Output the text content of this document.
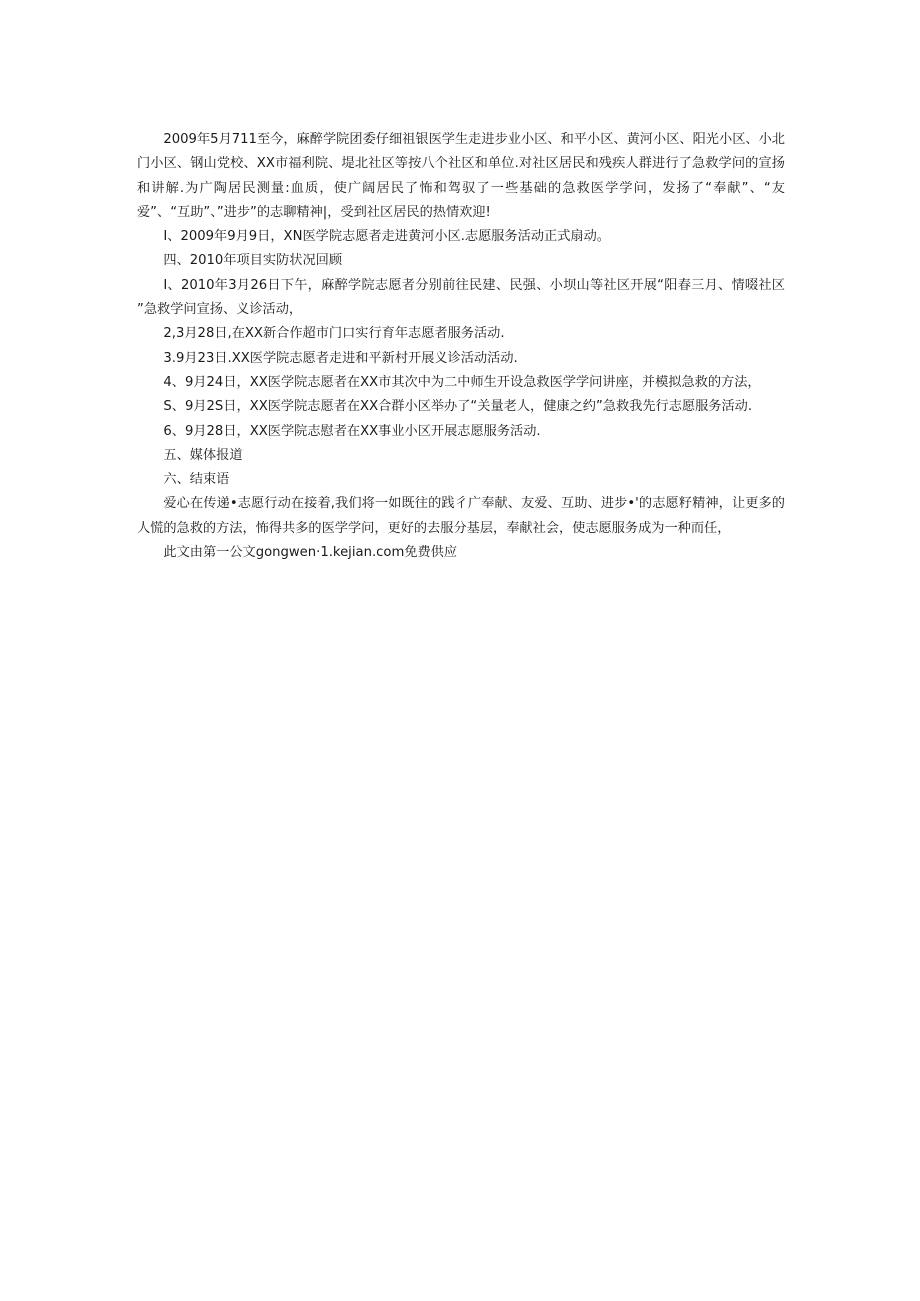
2009年5月711至今，麻醉学院团委仔细祖银医学生走进步业小区、和平小区、黄河小区、阳光小区、小北门小区、钢山党校、XX市福利院、堤北社区等按八个社区和单位.对社区居民和残疾人群进行了急救学问的宣扬和讲解.为广陶居民测量:血质，使广阔居民了怖和驾驭了一些基础的急救医学学问，发扬了“奉献”、“友爱”、“互助”、”进步”的志聊精神|，受到社区居民的热情欢迎!

I、2009年9月9日，XN医学院志愿者走进黄河小区.志愿服务活动正式扇动。

四、2010年项目实防状况回顾

I、2010年3月26日下午，麻醉学院志愿者分别前往民建、民强、小坝山等社区开展“阳春三月、情啜社区 ”急救学问宣扬、义诊活动，

2,3月28日,在XX新合作超市门口实行育年志愿者服务活动.

3.9月23日.XX医学院志愿者走进和平新村开展义诊活动活动.

4、9月24日，XX医学院志愿者在XX市其次中为二中师生开设急救医学学问讲座，并模拟急救的方法，

S、9月2S日，XX医学院志愿者在XX合群小区举办了“关量老人，健康之约”急救我先行志愿服务活动.

6、9月28日，XX医学院志慰者在XX事业小区开展志愿服务活动.

五、媒体报道

六、结束语

爱心在传递•志愿行动在接着,我们将一如既往的践彳广奉献、友爱、互助、进步•'的志愿籽精神，让更多的人慌的急救的方法，怖得共多的医学学问，更好的去服分基层，奉献社会，使志愿服务成为一种而任，

此文由第一公文gongwen·1.kejian.com免费供应
